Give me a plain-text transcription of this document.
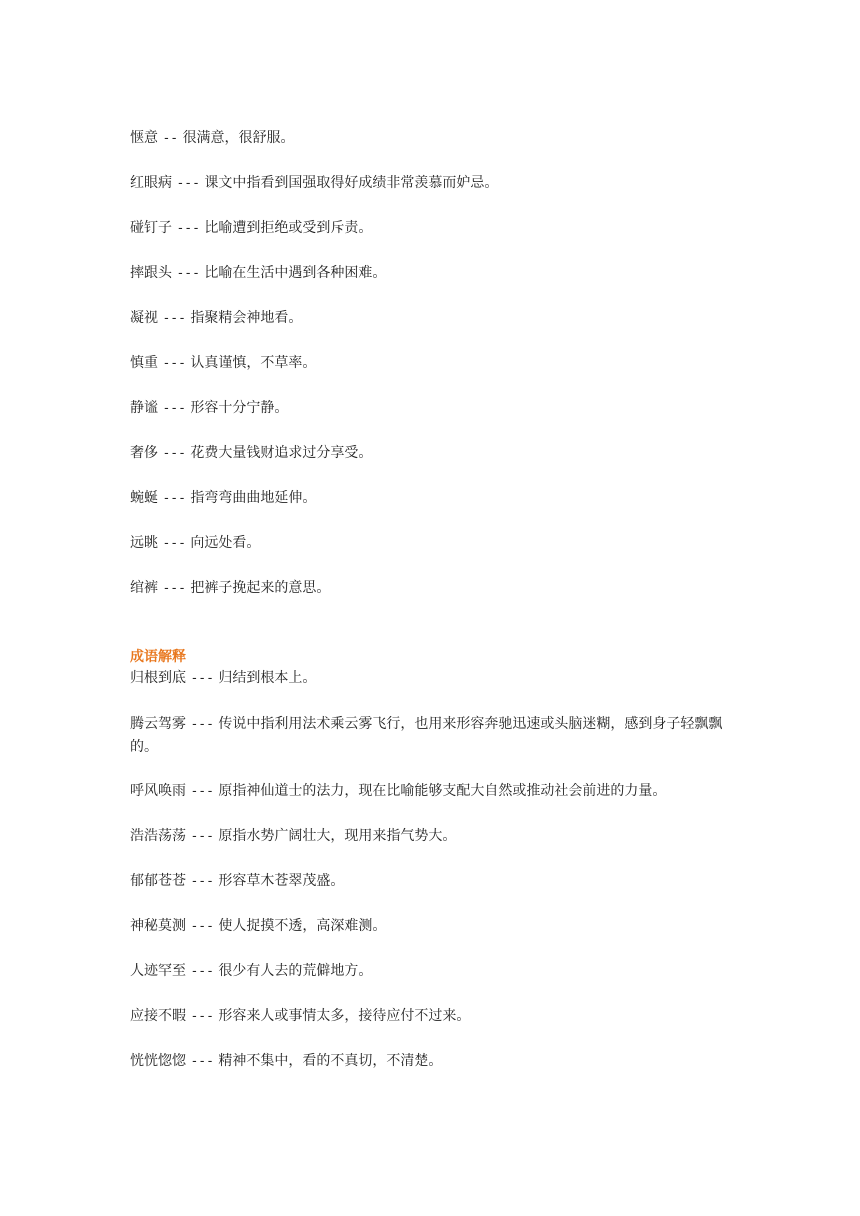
惬意 -- 很满意，很舒服。
红眼病 --- 课文中指看到国强取得好成绩非常羡慕而妒忌。
碰钉子 --- 比喻遭到拒绝或受到斥责。
摔跟头 --- 比喻在生活中遇到各种困难。
凝视 --- 指聚精会神地看。
慎重 --- 认真谨慎，不草率。
静谧 --- 形容十分宁静。
奢侈 --- 花费大量钱财追求过分享受。
蜿蜒 --- 指弯弯曲曲地延伸。
远眺 --- 向远处看。
绾裤 --- 把裤子挽起来的意思。
成语解释
归根到底 --- 归结到根本上。
腾云驾雾 --- 传说中指利用法术乘云雾飞行，也用来形容奔驰迅速或头脑迷糊，感到身子轻飘飘的。
呼风唤雨 --- 原指神仙道士的法力，现在比喻能够支配大自然或推动社会前进的力量。
浩浩荡荡 --- 原指水势广阔壮大，现用来指气势大。
郁郁苍苍 --- 形容草木苍翠茂盛。
神秘莫测 --- 使人捉摸不透，高深难测。
人迹罕至 --- 很少有人去的荒僻地方。
应接不暇 --- 形容来人或事情太多，接待应付不过来。
恍恍惚惚 --- 精神不集中，看的不真切，不清楚。
